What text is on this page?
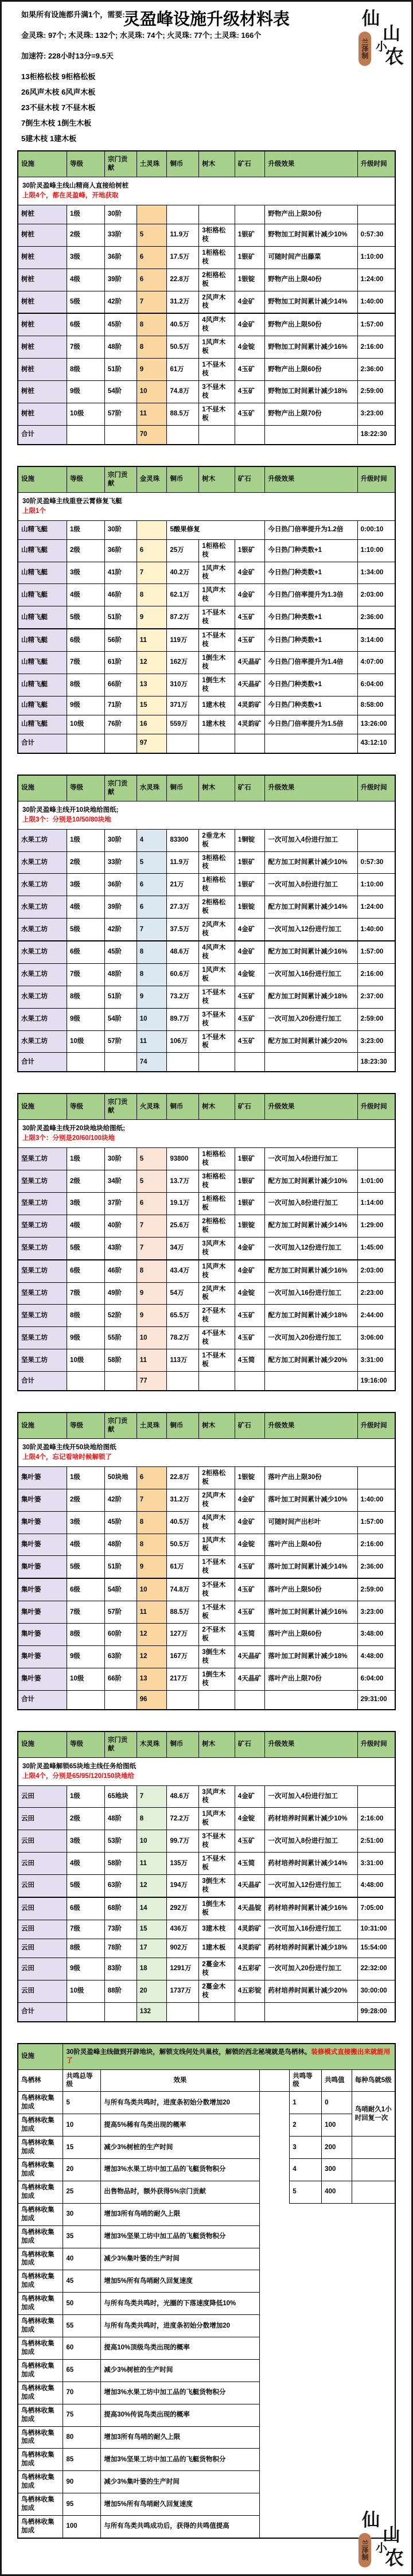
灵盈峰设施升级材料表

如果所有设施都升满1个，需要:

金灵珠: 97个; 木灵珠: 132个; 水灵珠: 74个; 火灵珠: 77个; 土灵珠: 166个

加速符: 228小时13分=9.5天

13柜格松枝 9柜格松板

26风声木枝 6风声木板

23不昼木枝 7不昼木板

7倒生木枝 1倒生木板

5建木枝 1建木板

仙
山
小
农
兰泽制
设施	等级	宗门贡献	土灵珠	铜币	树木	矿石	升级效果	升级时间

30阶灵盈峰主线山精商人直接给树桩
上限4个，都在灵盈峰，开地获取								

树桩	1级	30阶					野物产出上限30份	
树桩	2级	33阶	5	11.9万	3柜格松枝	1银矿	野物加工时间累计减少10%	0:57:30
树桩	3级	36阶	6	17.5万	1柜格松枝	1银矿	可随时间产出藤菜	1:10:00
树桩	4级	39阶	6	22.8万	2柜格松板	1银锭	野物产出上限40份	1:24:00
树桩	5级	42阶	7	31.2万	2风声木枝	4金矿	野物加工时间累计减少14%	1:40:00
树桩	6级	45阶	8	40.5万	4风声木枝	4金矿	野物产出上限50份	1:57:00
树桩	7级	48阶	8	50.5万	1风声木板	4金锭	野物加工时间累计减少16%	2:16:00
树桩	8级	51阶	9	61万	1不昼木枝	4玉矿	野物产出上限60份	2:36:00
树桩	9级	54阶	10	74.8万	3不昼木枝	4玉矿	野物加工时间累计减少18%	2:59:00
树桩	10级	57阶	11	88.5万	1不昼木板	4玉矿	野物产出上限70份	3:23:00
合计			70					18:22:30
设施	等级	宗门贡献	金灵珠	铜币	树木	矿石	升级效果	升级时间

30阶灵盈峰主线重登云霄修复飞艇
上限1个								

山精飞艇	1级	30阶		5酸果修复			今日热门倍率提升为1.2倍	0:00:10
山精飞艇	2级	36阶	6	25万	1柜格松枝	1银矿	今日热门种类数+1	1:10:00
山精飞艇	3级	41阶	7	40.2万	1风声木枝	4金矿	今日热门种类数+1	1:34:00
山精飞艇	4级	46阶	8	62.1万	1风声木枝	4金矿	今日热门倍率提升为1.3倍	2:03:00
山精飞艇	5级	51阶	9	87.2万	1不昼木枝	4玉矿	今日热门种类数+1	2:36:00
山精飞艇	6级	56阶	11	119万	1不昼木枝	4玉矿	今日热门种类数+1	3:14:00
山精飞艇	7级	61阶	12	162万	1倒生木枝	4天晶矿	今日热门倍率提升为1.4倍	4:07:00
山精飞艇	8级	66阶	13	310万	1倒生木枝	4天晶矿	今日热门种类数+1	6:04:00
山精飞艇	9级	71阶	15	371万	1建木枝	4灵韵矿	今日热门种类数+1	8:58:00
山精飞艇	10级	76阶	16	559万	1建木枝	4灵韵矿	今日热门倍率提升为1.5倍	13:26:00
合计			97					43:12:10
设施	等级	宗门贡献	水灵珠	铜币	树木	矿石	升级效果	升级时间

30阶灵盈峰主线开10块地给图纸;
上限3个：分别是10/50/80块地								

水果工坊	1级	30阶	4	83300	2垂龙木板	1铜锭	一次可加入4份进行加工	
水果工坊	2级	33阶	5	11.9万	3柜格松枝	1银矿	配方加工时间累计减少10%	0:57:30
水果工坊	3级	36阶	6	21万	1柜格松枝	1银矿	一次可加入8份进行加工	1:10:00
水果工坊	4级	39阶	6	27.3万	2柜格松板	1银锭	配方加工时间累计减少14%	1:24:00
水果工坊	5级	42阶	7	37.5万	2风声木枝	4金矿	一次可加入12份进行加工	1:40:00
水果工坊	6级	45阶	8	48.6万	4风声木枝	4金矿	配方加工时间累计减少16%	1:57:00
水果工坊	7级	48阶	8	60.6万	1风声木板	4金锭	一次可加入16份进行加工	2:16:00
水果工坊	8级	51阶	9	73.2万	1不昼木枝	4玉矿	配方加工时间累计减少18%	2:37:00
水果工坊	9级	54阶	10	89.7万	3不昼木枝	4玉矿	一次可加入20份进行加工	2:59:00
水果工坊	10级	57阶	11	106万	1不昼木板	4玉矿	配方加工时间累计减少20%	3:23:00
合计			74					18:23:30
设施	等级	宗门贡献	火灵珠	铜币	树木	矿石	升级效果	升级时间

30阶灵盈峰主线开20块地块给图纸;
上限3个：分别是20/60/100块地								

坚果工坊	1级	30阶	5	93800	1柜格松枝	1银矿	一次可加入4份进行加工	
坚果工坊	2级	34阶	5	13.7万	3柜格松枝	1银矿	配方加工时间累计减少10%	1:01:00
坚果工坊	3级	37阶	6	19.1万	1柜格松板	1银矿	一次可加入8份进行加工	1:14:00
坚果工坊	4级	40阶	7	25.6万	2柜格松板	1银锭	配方加工时间累计减少14%	1:29:00
坚果工坊	5级	43阶	7	34万	3风声木枝	4金矿	一次可加入12份进行加工	1:45:00
坚果工坊	6级	46阶	8	43.4万	1风声木枝	4金矿	配方加工时间累计减少16%	2:03:00
坚果工坊	7级	49阶	9	54万	2风声木板	4金锭	一次可加入16份进行加工	2:23:00
坚果工坊	8级	52阶	9	65.5万	2不昼木枝	4玉矿	配方加工时间累计减少18%	2:44:00
坚果工坊	9级	55阶	10	78.2万	4不昼木枝	4玉矿	一次可加入20份进行加工	3:06:00
坚果工坊	10级	58阶	11	113万	1不昼木板	4玉简	配方加工时间累计减少20%	3:31:00
合计			77					19:16:00
设施	等级	宗门贡献	土灵珠	铜币	树木	矿石	升级效果	升级时间

30阶灵盈峰主线开50块地给图纸
上限4个，忘记看啥时候解锁了								

集叶篓	1级	50块地	6	22.8万	2柜格松板	1银锭	落叶产出上限30份	
集叶篓	2级	42阶	7	31.2万	2风声木枝	4金矿	落叶加工时间累计减少10%	1:40:00
集叶篓	3级	45阶	8	40.5万	4风声木枝	4金矿	可随时间产出杉叶	1:57:00
集叶篓	4级	48阶	8	50.5万	1风声木板	4金锭	落叶产出上限40份	2:16:00
集叶篓	5级	51阶	9	61万	1不昼木枝	4玉矿	落叶加工时间累计减少14%	2:36:00
集叶篓	6级	54阶	10	74.8万	3不昼木枝	4玉矿	落叶产出上限50份	2:59:00
集叶篓	7级	57阶	11	88.5万	1不昼木板	4玉矿	落叶加工时间累计减少16%	3:23:00
集叶篓	8级	60阶	12	127万	2不昼木板	4玉简	落叶产出上限60份	3:48:00
集叶篓	9级	63阶	12	167万	3倒生木枝	4天晶矿	落叶加工时间累计减少18%	4:48:00
集叶篓	10级	66阶	13	217万	1倒生木枝	4天晶矿	落叶产出上限70份	6:04:00
合计			96					29:31:00
设施	等级	宗门贡献	木灵珠	铜币	树木	矿石	升级效果	升级时间

30阶灵盈峰解锁65块地主线任务给图纸
上限4个，分别是65/95/120/150块地给								

云田	1级	65地块	7	48.6万	3风声木枝	4金矿	一次可加入4份进行加工	
云田	2级	48阶	8	72.2万	1风声木板	4金锭	药材培养时间累计减少10%	2:16:00
云田	3级	53阶	10	99.7万	3不昼木枝	4玉矿	一次可加入8份进行加工	2:51:00
云田	4级	58阶	11	135万	1不昼木板	4玉简	药材培养时间累计减少14%	3:31:00
云田	5级	63阶	12	194万	3倒生木枝	4天晶矿	一次可加入12份进行加工	4:48:00
云田	6级	68阶	14	292万	1倒生木板	4天晶锭	药材培养时间累计减少16%	7:05:00
云田	7级	73阶	15	436万	3建木枝	4灵韵矿	一次可加入16份进行加工	10:31:00
云田	8级	78阶	17	902万	1建木板	4灵韵矿	药材培养时间累计减少18%	15:54:00
云田	9级	83阶	18	1291万	2蔓金木枝	4五彩矿	一次可加入20份进行加工	22:32:00
云田	10级	88阶	20	1737万	2蔓金木枝	4五彩锭	药材培养时间累计减少20%	30:00:00
合计			132					99:28:00
设施	30阶灵盈峰主线做到开辟地块，解锁支线何处共巢枝，解锁的西北秘境就是鸟栖林。装修模式直接搬出来就能用了					
鸟栖林	共鸣总等级	效果		共鸣等级	共鸣值	每种鸟就5级
鸟栖林收集加成	5	与所有鸟类共鸣时，进度条初始分数增加20		1	0	鸟哨耐久1小时回复一次
鸟栖林收集加成	10	提高5%稀有鸟类出现的概率		2	100	
鸟栖林收集加成	15	减少3%树桩的生产时间		3	200	
鸟栖林收集加成	20	增加3%水果工坊中加工品的飞艇货物积分		4	300	
鸟栖林收集加成	25	出售物品时，额外获得5%宗门贡献		5	400	
鸟栖林收集加成	30	增加3所有鸟哨的耐久上限				
鸟栖林收集加成	35	增加3%坚果工坊中加工品的飞艇货物积分				
鸟栖林收集加成	40	减少3%集叶篓的生产时间				
鸟栖林收集加成	45	增加5%所有鸟哨耐久回复速度				
鸟栖林收集加成	50	与所有鸟类共鸣时，光圈的下落速度降低10%				
鸟栖林收集加成	55	与所有鸟类共鸣时，进度条初始分数增加20				
鸟栖林收集加成	60	提高10%顶级鸟类出现的概率				
鸟栖林收集加成	65	减少3%树桩的生产时间				
鸟栖林收集加成	70	增加3%水果工坊中加工品的飞艇货物积分				
鸟栖林收集加成	75	提高30%传说鸟类出现的概率				
鸟栖林收集加成	80	增加3所有鸟哨的耐久上限				
鸟栖林收集加成	85	增加3%坚果工坊中加工品的飞艇货物积分				
鸟栖林收集加成	90	减少3%集叶篓的生产时间				
鸟栖林收集加成	95	增加5%所有鸟哨耐久回复速度				
鸟栖林收集加成	100	与所有鸟类共鸣成功后，获得的共鸣值提高					仙
山
小
农
兰泽制
